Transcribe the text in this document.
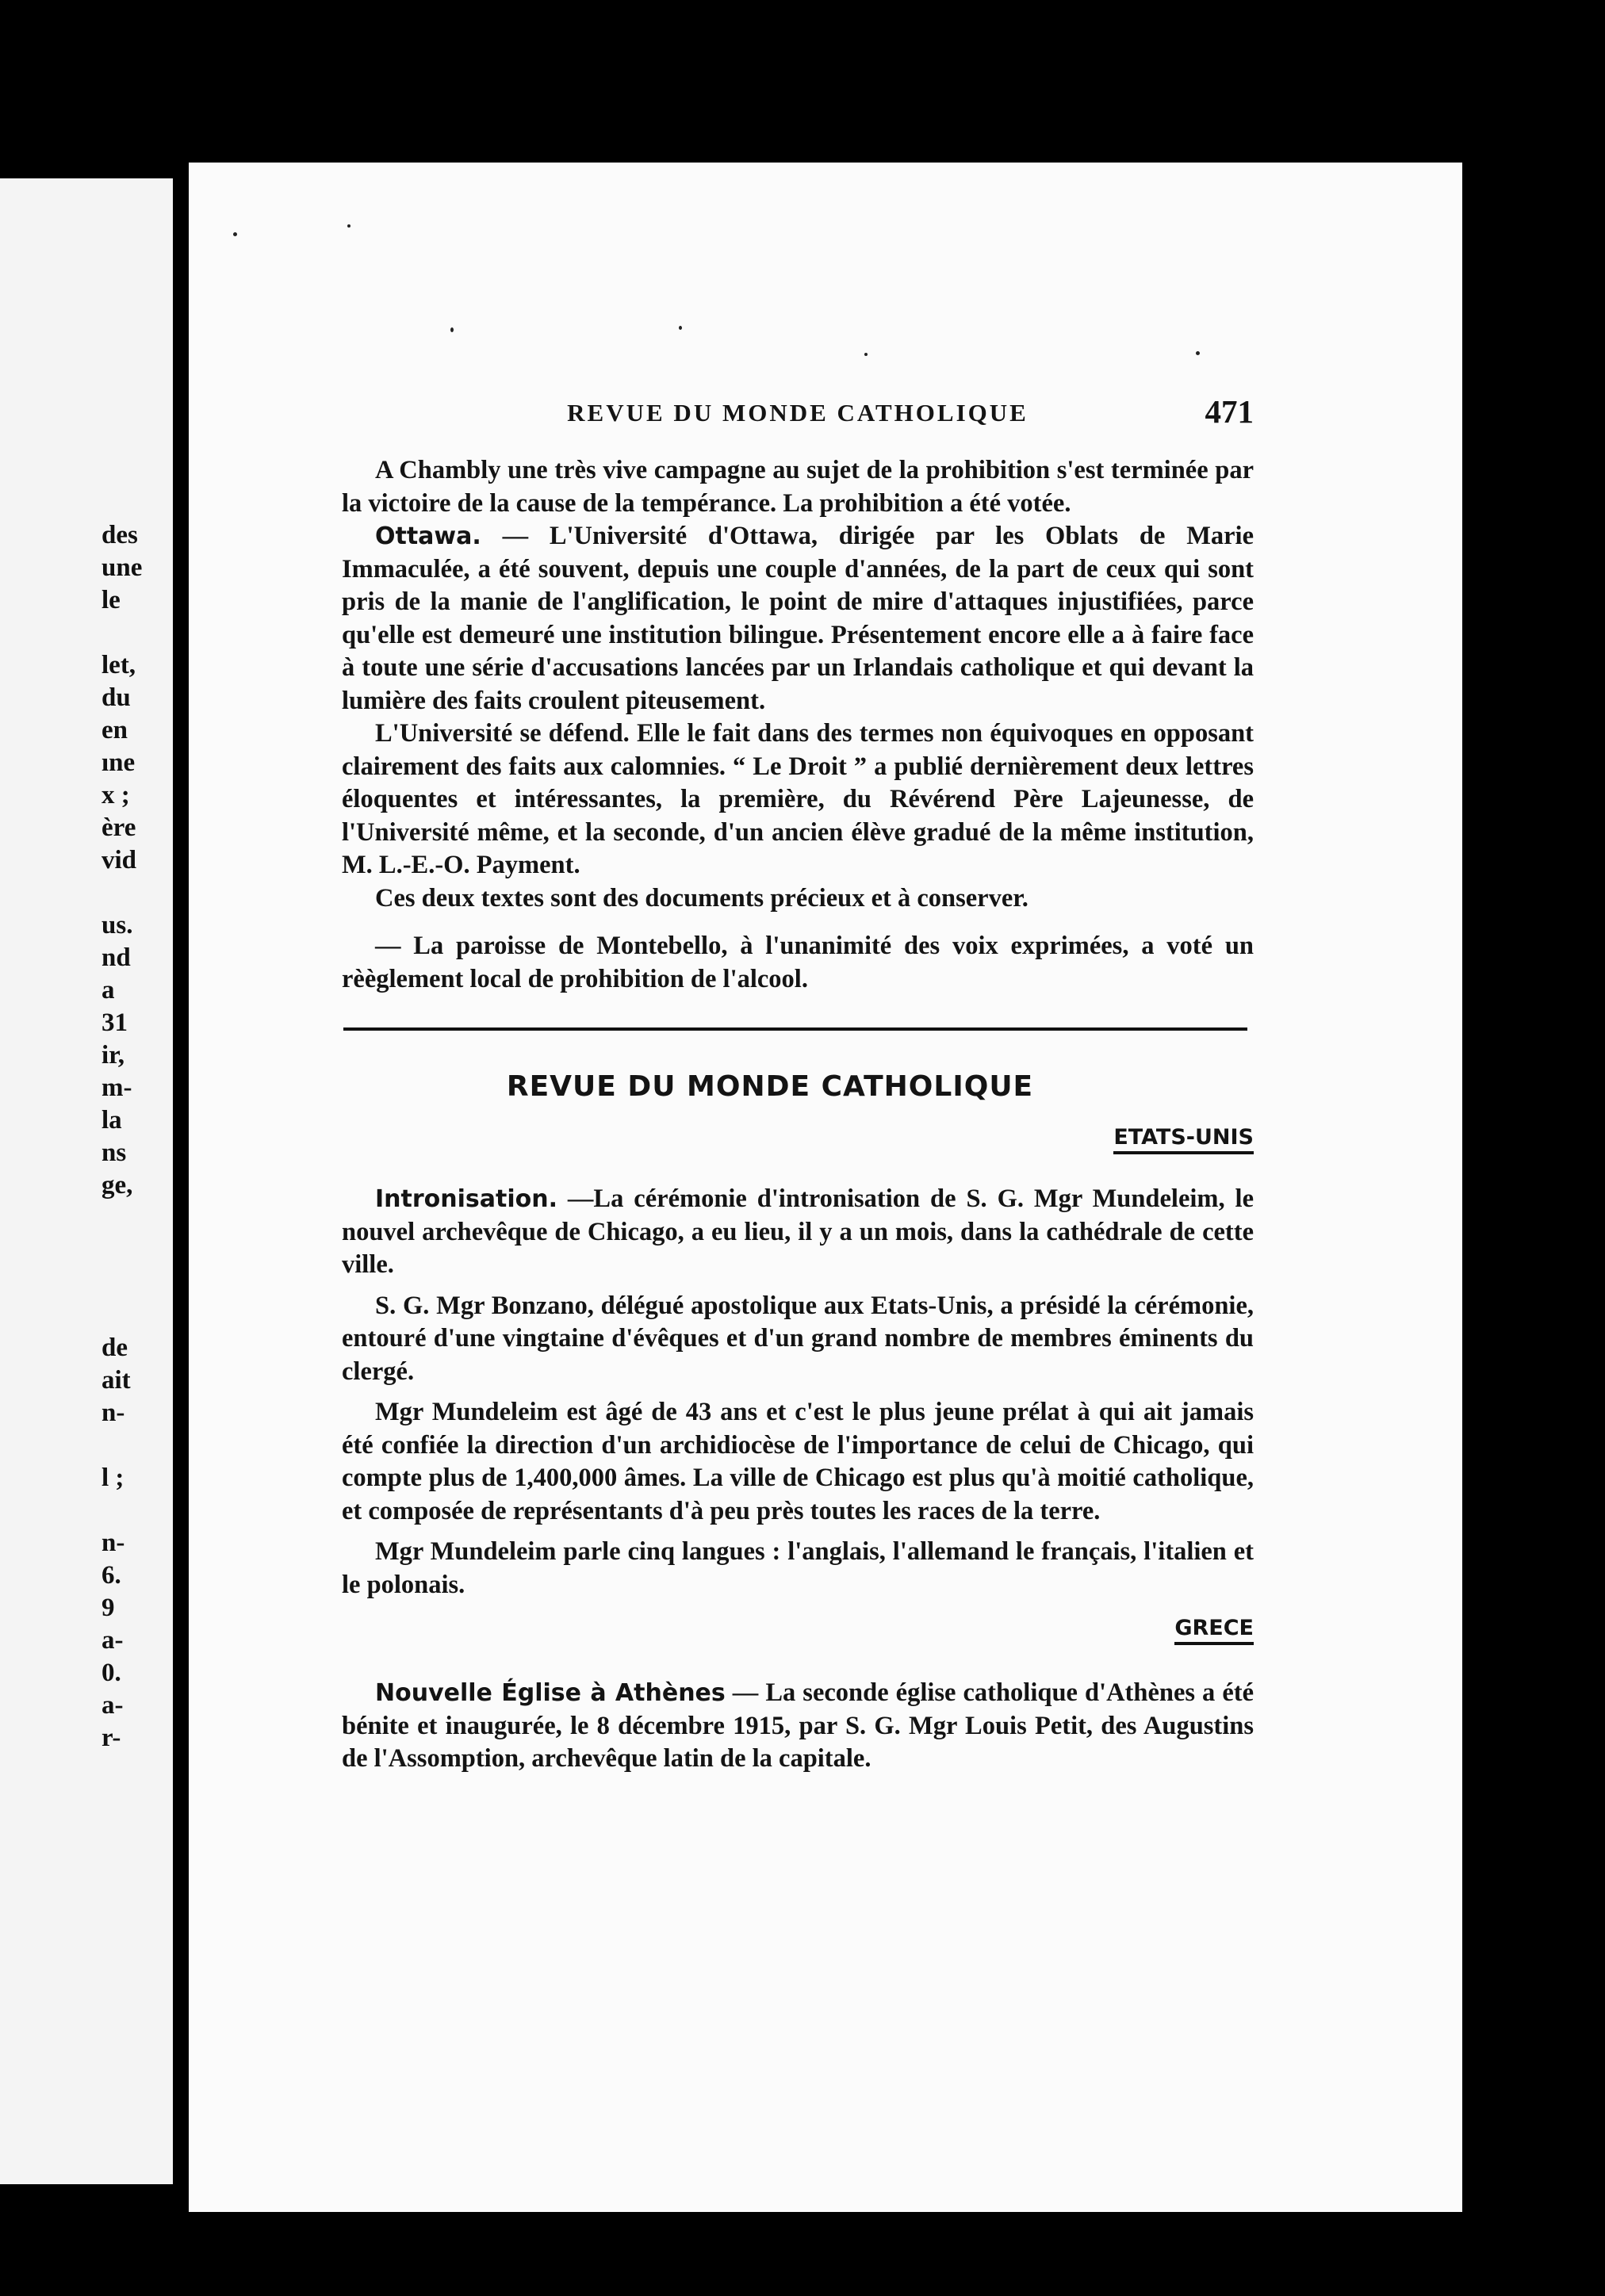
des
une
le
let,
du
en
ıne
x ;
ère
vid
us.
nd
a
31
ir,
m-
la
ns
ge,
de
ait
n-
l ;
n-
6.
9
a-
0.
a-
r-
REVUE DU MONDE CATHOLIQUE	471

A Chambly une très vive campagne au sujet de la prohibition s'est terminée par la victoire de la cause de la tempérance. La prohibition a été votée.

Ottawa. — L'Université d'Ottawa, dirigée par les Oblats de Marie Immaculée, a été souvent, depuis une couple d'années, de la part de ceux qui sont pris de la manie de l'anglification, le point de mire d'attaques injustifiées, parce qu'elle est demeuré une institution bilingue. Présentement encore elle a à faire face à toute une série d'accusations lancées par un Irlandais catholique et qui devant la lumière des faits croulent piteusement.

L'Université se défend. Elle le fait dans des termes non équivoques en opposant clairement des faits aux calomnies. “ Le Droit ” a publié dernièrement deux lettres éloquentes et intéressantes, la première, du Révérend Père Lajeunesse, de l'Université même, et la seconde, d'un ancien élève gradué de la même institution, M. L.-E.-O. Payment.

Ces deux textes sont des documents précieux et à conserver.

— La paroisse de Montebello, à l'unanimité des voix exprimées, a voté un rèèglement local de prohibition de l'alcool.

REVUE DU MONDE CATHOLIQUE
ETATS-UNIS

Intronisation. —La cérémonie d'intronisation de S. G. Mgr Mundeleim, le nouvel archevêque de Chicago, a eu lieu, il y a un mois, dans la cathédrale de cette ville.

S. G. Mgr Bonzano, délégué apostolique aux Etats-Unis, a présidé la cérémonie, entouré d'une vingtaine d'évêques et d'un grand nombre de membres éminents du clergé.

Mgr Mundeleim est âgé de 43 ans et c'est le plus jeune prélat à qui ait jamais été confiée la direction d'un archidiocèse de l'importance de celui de Chicago, qui compte plus de 1,400,000 âmes. La ville de Chicago est plus qu'à moitié catholique, et composée de représentants d'à peu près toutes les races de la terre.

Mgr Mundeleim parle cinq langues : l'anglais, l'allemand le français, l'italien et le polonais.

GRECE

Nouvelle Église à Athènes — La seconde église catholique d'Athènes a été bénite et inaugurée, le 8 décembre 1915, par S. G. Mgr Louis Petit, des Augustins de l'Assomption, archevêque latin de la capitale.
